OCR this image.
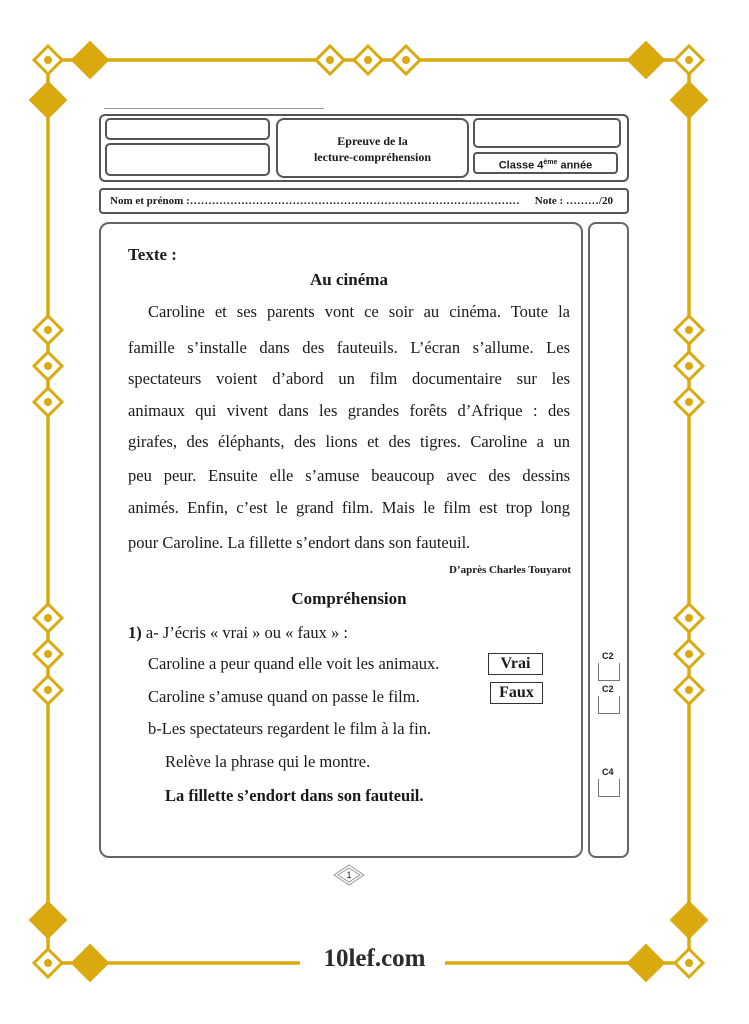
Epreuve de la
lecture-compréhension
Classe 4ème année
Nom et prénom :……………………………………………………………………………… Note : ………/20
Texte :
Au cinéma
Caroline et ses parents vont ce soir au cinéma. Toute la
famille s’installe dans des fauteuils. L’écran s’allume. Les
spectateurs voient d’abord un film documentaire sur les
animaux qui vivent dans les grandes forêts d’Afrique : des
girafes, des éléphants, des lions et des tigres. Caroline a un
peu peur. Ensuite elle s’amuse beaucoup avec des dessins
animés. Enfin, c’est le grand film. Mais le film est trop long
pour Caroline. La fillette s’endort dans son fauteuil.
D’après Charles Touyarot
Compréhension
1) a- J’écris « vrai » ou « faux » :
Caroline a peur quand elle voit les animaux.	Vrai
Caroline s’amuse quand on passe le film.	Faux
b-Les spectateurs regardent le film à la fin.
Relève la phrase qui le montre.
La fillette s’endort dans son fauteuil.
C2
C2
C4
1
10lef.com
